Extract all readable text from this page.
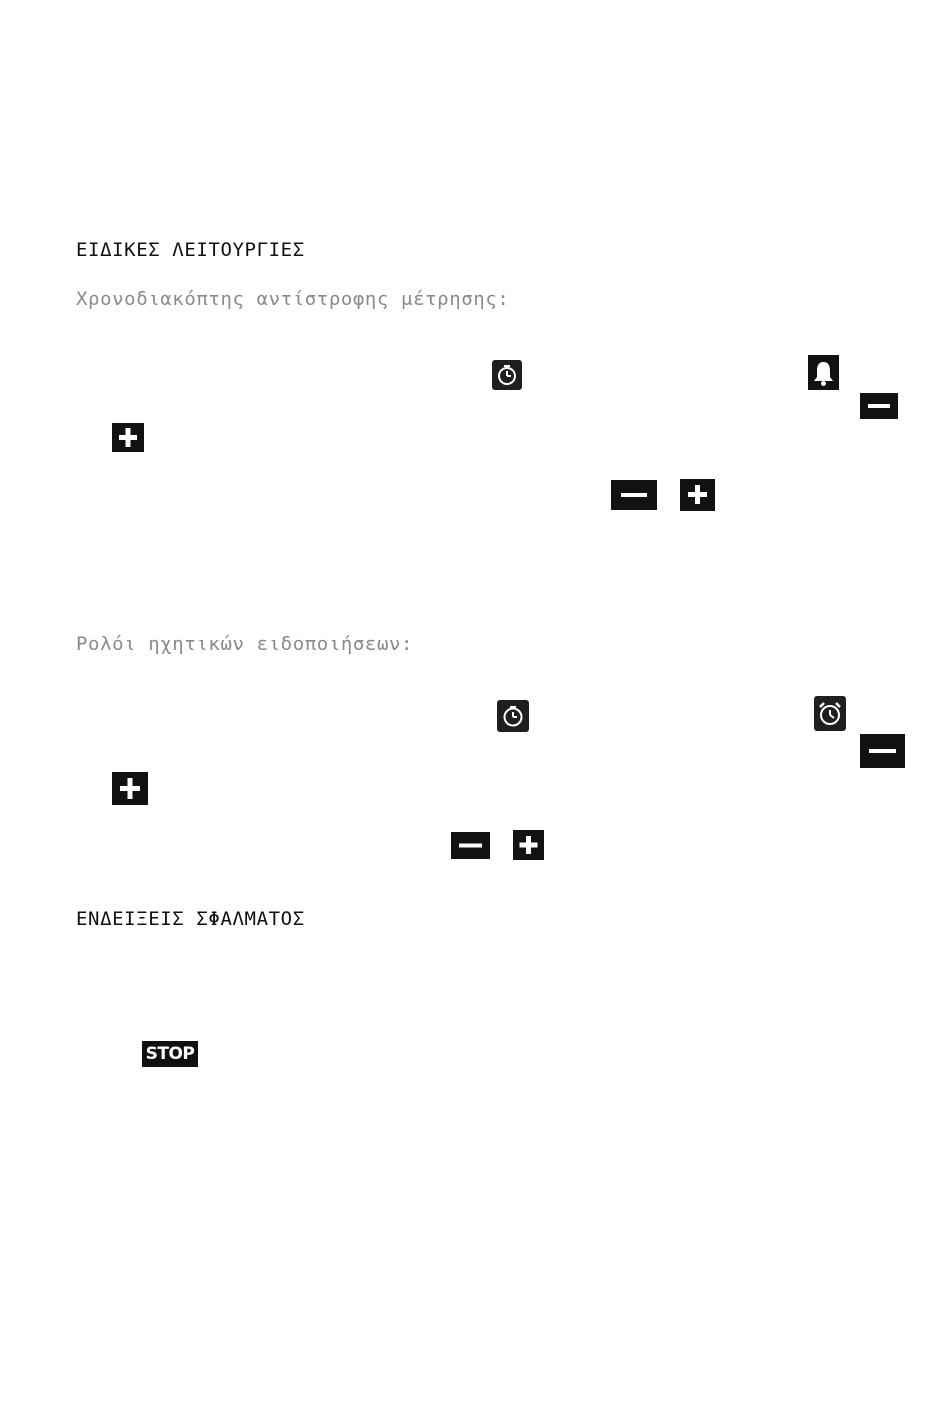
ΕΙΔΙΚΕΣ ΛΕΙΤΟΥΡΓΙΕΣ
Χρονοδιακόπτης αντίστροφης μέτρησης:
Ρολόι ηχητικών ειδοποιήσεων:
ΕΝΔΕΙΞΕΙΣ ΣΦΑΛΜΑΤΟΣ
STOP
